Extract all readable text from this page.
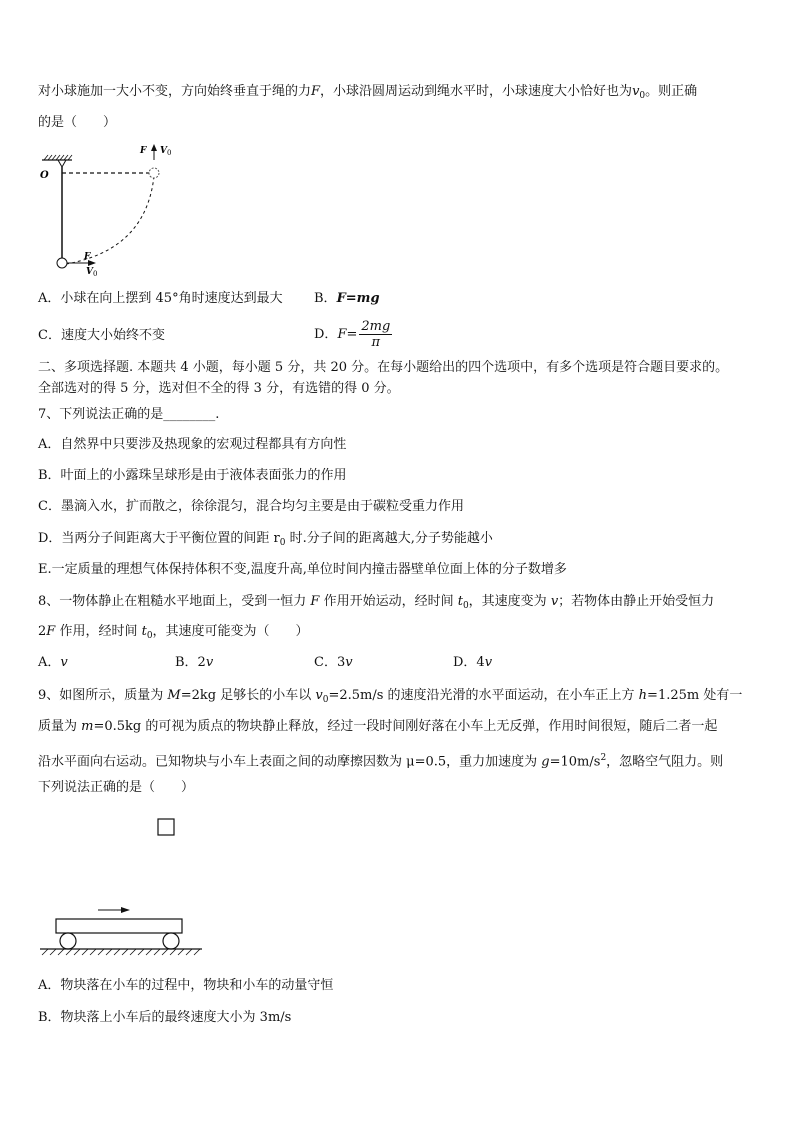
对小球施加一大小不变，方向始终垂直于绳的力F，小球沿圆周运动到绳水平时，小球速度大小恰好也为$v_0$。则正确
的是（　　）
O
F V 0
F
V 0
A．小球在向上摆到 45°角时速度达到最大 B．F=mg
C．速度大小始终不变	D．$F= \frac{2mg}{\pi}$
二、多项选择题. 本题共 4 小题，每小题 5 分，共 20 分。在每小题给出的四个选项中，有多个选项是符合题目要求的。
全部选对的得 5 分，选对但不全的得 3 分，有选错的得 0 分。
7、下列说法正确的是________.
A．自然界中只要涉及热现象的宏观过程都具有方向性
B．叶面上的小露珠呈球形是由于液体表面张力的作用
C．墨滴入水，扩而散之，徐徐混匀，混合均匀主要是由于碳粒受重力作用
D．当两分子间距离大于平衡位置的间距 $r_0$ 时.分子间的距离越大,分子势能越小
E.一定质量的理想气体保持体积不变,温度升高,单位时间内撞击器壁单位面上体的分子数增多
8、一物体静止在粗糙水平地面上，受到一恒力 F 作用开始运动，经时间 $t_0$，其速度变为 v；若物体由静止开始受恒力
2F 作用，经时间 $t_0$，其速度可能变为（　　）
A．v	B．2v	C．3v	D．4v
9、如图所示，质量为 M=2kg 足够长的小车以 $v_0=2.5m/s$ 的速度沿光滑的水平面运动，在小车正上方 h=1.25m 处有一
质量为 m=0.5kg 的可视为质点的物块静止释放，经过一段时间刚好落在小车上无反弹，作用时间很短，随后二者一起
沿水平面向右运动。已知物块与小车上表面之间的动摩擦因数为 μ=0.5，重力加速度为 $g=10m/s^2$，忽略空气阻力。则
下列说法正确的是（　　）
A．物块落在小车的过程中，物块和小车的动量守恒
B．物块落上小车后的最终速度大小为 3m/s
